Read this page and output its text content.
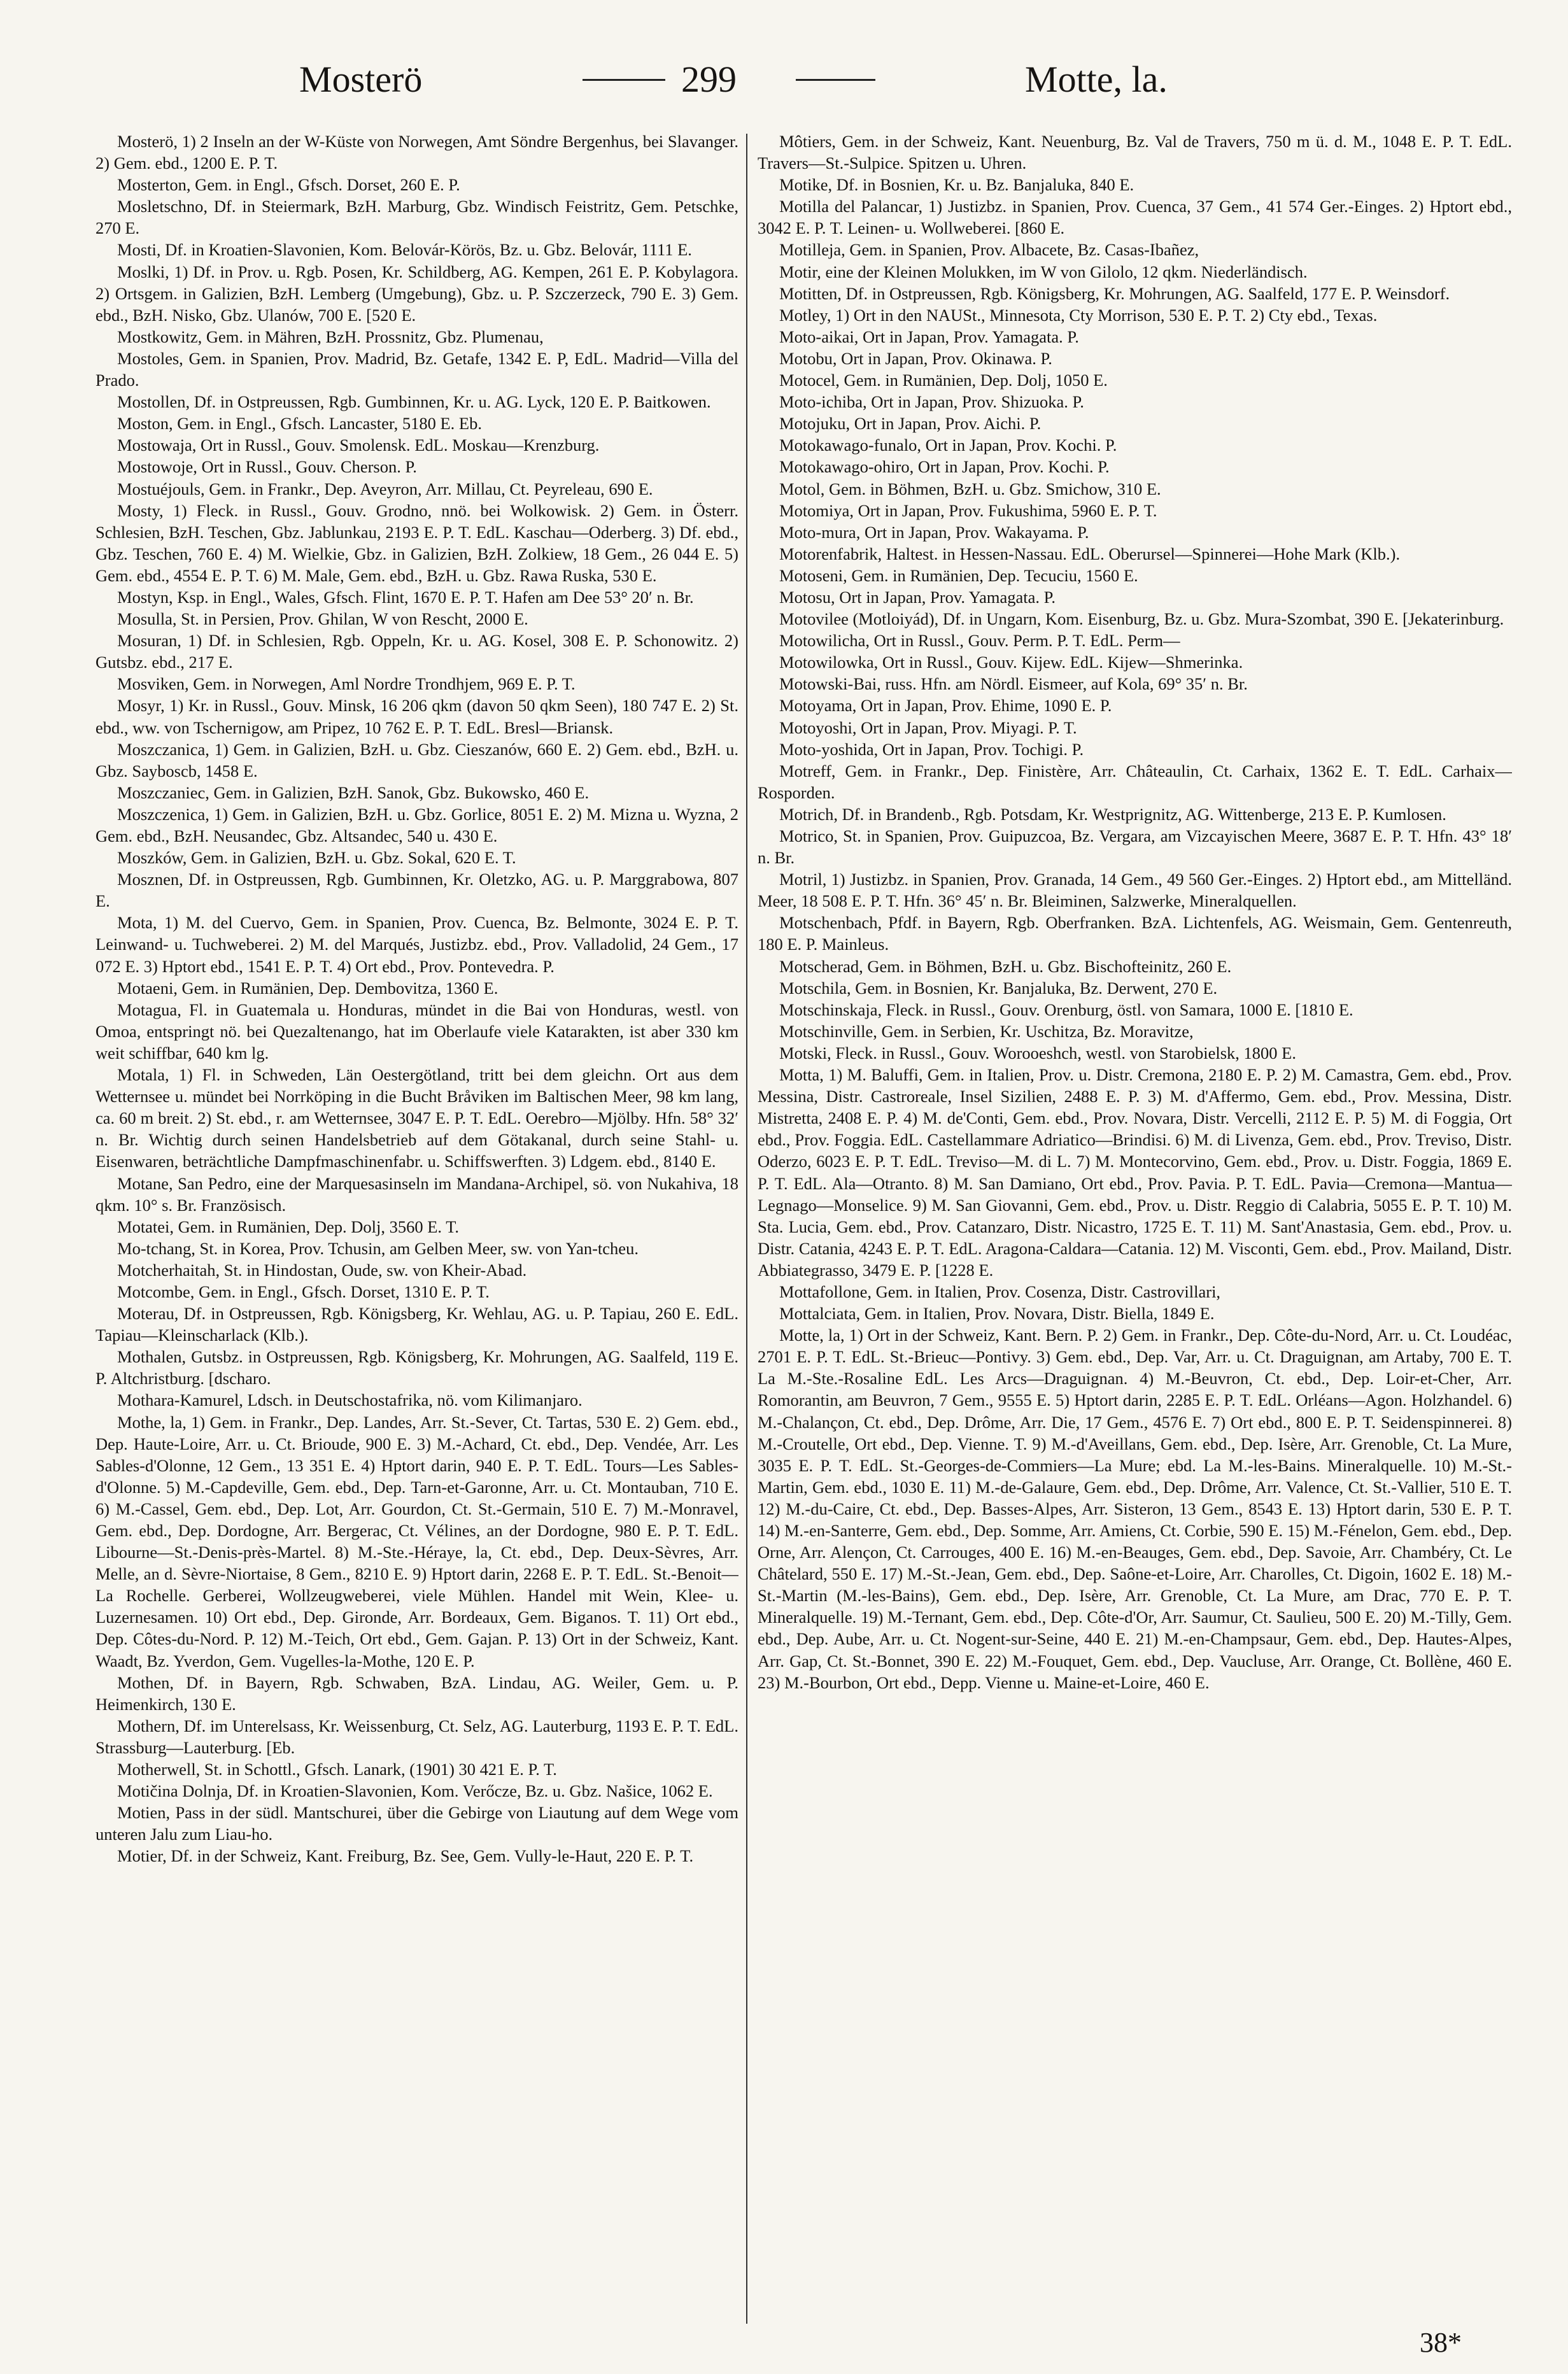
Mosterö	299	Motte, la.

Mosterö, 1) 2 Inseln an der W-Küste von Norwegen, Amt Söndre Bergenhus, bei Slavanger. 2) Gem. ebd., 1200 E. P. T.

Mosterton, Gem. in Engl., Gfsch. Dorset, 260 E. P.

Mosletschno, Df. in Steiermark, BzH. Marburg, Gbz. Windisch Feistritz, Gem. Petschke, 270 E.

Mosti, Df. in Kroatien-Slavonien, Kom. Belovár-Körös, Bz. u. Gbz. Belovár, 1111 E.

Moslki, 1) Df. in Prov. u. Rgb. Posen, Kr. Schildberg, AG. Kempen, 261 E. P. Kobylagora. 2) Ortsgem. in Galizien, BzH. Lemberg (Umgebung), Gbz. u. P. Szczerzeck, 790 E. 3) Gem. ebd., BzH. Nisko, Gbz. Ulanów, 700 E. [520 E.

Mostkowitz, Gem. in Mähren, BzH. Prossnitz, Gbz. Plumenau,

Mostoles, Gem. in Spanien, Prov. Madrid, Bz. Getafe, 1342 E. P, EdL. Madrid—Villa del Prado.

Mostollen, Df. in Ostpreussen, Rgb. Gumbinnen, Kr. u. AG. Lyck, 120 E. P. Baitkowen.

Moston, Gem. in Engl., Gfsch. Lancaster, 5180 E. Eb.

Mostowaja, Ort in Russl., Gouv. Smolensk. EdL. Moskau—Krenzburg.

Mostowoje, Ort in Russl., Gouv. Cherson. P.

Mostuéjouls, Gem. in Frankr., Dep. Aveyron, Arr. Millau, Ct. Peyreleau, 690 E.

Mosty, 1) Fleck. in Russl., Gouv. Grodno, nnö. bei Wolkowisk. 2) Gem. in Österr. Schlesien, BzH. Teschen, Gbz. Jablunkau, 2193 E. P. T. EdL. Kaschau—Oderberg. 3) Df. ebd., Gbz. Teschen, 760 E. 4) M. Wielkie, Gbz. in Galizien, BzH. Zolkiew, 18 Gem., 26 044 E. 5) Gem. ebd., 4554 E. P. T. 6) M. Male, Gem. ebd., BzH. u. Gbz. Rawa Ruska, 530 E.

Mostyn, Ksp. in Engl., Wales, Gfsch. Flint, 1670 E. P. T. Hafen am Dee 53° 20′ n. Br.

Mosulla, St. in Persien, Prov. Ghilan, W von Rescht, 2000 E.

Mosuran, 1) Df. in Schlesien, Rgb. Oppeln, Kr. u. AG. Kosel, 308 E. P. Schonowitz. 2) Gutsbz. ebd., 217 E.

Mosviken, Gem. in Norwegen, Aml Nordre Trondhjem, 969 E. P. T.

Mosyr, 1) Kr. in Russl., Gouv. Minsk, 16 206 qkm (davon 50 qkm Seen), 180 747 E. 2) St. ebd., ww. von Tschernigow, am Pripez, 10 762 E. P. T. EdL. Bresl—Briansk.

Moszczanica, 1) Gem. in Galizien, BzH. u. Gbz. Cieszanów, 660 E. 2) Gem. ebd., BzH. u. Gbz. Sayboscb, 1458 E.

Moszczaniec, Gem. in Galizien, BzH. Sanok, Gbz. Bukowsko, 460 E.

Moszczenica, 1) Gem. in Galizien, BzH. u. Gbz. Gorlice, 8051 E. 2) M. Mizna u. Wyzna, 2 Gem. ebd., BzH. Neusandec, Gbz. Altsandec, 540 u. 430 E.

Moszków, Gem. in Galizien, BzH. u. Gbz. Sokal, 620 E. T.

Mosznen, Df. in Ostpreussen, Rgb. Gumbinnen, Kr. Oletzko, AG. u. P. Marggrabowa, 807 E.

Mota, 1) M. del Cuervo, Gem. in Spanien, Prov. Cuenca, Bz. Belmonte, 3024 E. P. T. Leinwand- u. Tuchweberei. 2) M. del Marqués, Justizbz. ebd., Prov. Valladolid, 24 Gem., 17 072 E. 3) Hptort ebd., 1541 E. P. T. 4) Ort ebd., Prov. Pontevedra. P.

Motaeni, Gem. in Rumänien, Dep. Dembovitza, 1360 E.

Motagua, Fl. in Guatemala u. Honduras, mündet in die Bai von Honduras, westl. von Omoa, entspringt nö. bei Quezaltenango, hat im Oberlaufe viele Katarakten, ist aber 330 km weit schiffbar, 640 km lg.

Motala, 1) Fl. in Schweden, Län Oestergötland, tritt bei dem gleichn. Ort aus dem Wetternsee u. mündet bei Norrköping in die Bucht Bråviken im Baltischen Meer, 98 km lang, ca. 60 m breit. 2) St. ebd., r. am Wetternsee, 3047 E. P. T. EdL. Oerebro—Mjölby. Hfn. 58° 32′ n. Br. Wichtig durch seinen Handelsbetrieb auf dem Götakanal, durch seine Stahl- u. Eisenwaren, beträchtliche Dampfmaschinenfabr. u. Schiffswerften. 3) Ldgem. ebd., 8140 E.

Motane, San Pedro, eine der Marquesasinseln im Mandana-Archipel, sö. von Nukahiva, 18 qkm. 10° s. Br. Französisch.

Motatei, Gem. in Rumänien, Dep. Dolj, 3560 E. T.

Mo-tchang, St. in Korea, Prov. Tchusin, am Gelben Meer, sw. von Yan-tcheu.

Motcherhaitah, St. in Hindostan, Oude, sw. von Kheir-Abad.

Motcombe, Gem. in Engl., Gfsch. Dorset, 1310 E. P. T.

Moterau, Df. in Ostpreussen, Rgb. Königsberg, Kr. Wehlau, AG. u. P. Tapiau, 260 E. EdL. Tapiau—Kleinscharlack (Klb.).

Mothalen, Gutsbz. in Ostpreussen, Rgb. Königsberg, Kr. Mohrungen, AG. Saalfeld, 119 E. P. Altchristburg. [dscharo.

Mothara-Kamurel, Ldsch. in Deutschostafrika, nö. vom Kilimanjaro.

Mothe, la, 1) Gem. in Frankr., Dep. Landes, Arr. St.-Sever, Ct. Tartas, 530 E. 2) Gem. ebd., Dep. Haute-Loire, Arr. u. Ct. Brioude, 900 E. 3) M.-Achard, Ct. ebd., Dep. Vendée, Arr. Les Sables-d'Olonne, 12 Gem., 13 351 E. 4) Hptort darin, 940 E. P. T. EdL. Tours—Les Sables-d'Olonne. 5) M.-Capdeville, Gem. ebd., Dep. Tarn-et-Garonne, Arr. u. Ct. Montauban, 710 E. 6) M.-Cassel, Gem. ebd., Dep. Lot, Arr. Gourdon, Ct. St.-Germain, 510 E. 7) M.-Monravel, Gem. ebd., Dep. Dordogne, Arr. Bergerac, Ct. Vélines, an der Dordogne, 980 E. P. T. EdL. Libourne—St.-Denis-près-Martel. 8) M.-Ste.-Héraye, la, Ct. ebd., Dep. Deux-Sèvres, Arr. Melle, an d. Sèvre-Niortaise, 8 Gem., 8210 E. 9) Hptort darin, 2268 E. P. T. EdL. St.-Benoit—La Rochelle. Gerberei, Wollzeugweberei, viele Mühlen. Handel mit Wein, Klee- u. Luzernesamen. 10) Ort ebd., Dep. Gironde, Arr. Bordeaux, Gem. Biganos. T. 11) Ort ebd., Dep. Côtes-du-Nord. P. 12) M.-Teich, Ort ebd., Gem. Gajan. P. 13) Ort in der Schweiz, Kant. Waadt, Bz. Yverdon, Gem. Vugelles-la-Mothe, 120 E. P.

Mothen, Df. in Bayern, Rgb. Schwaben, BzA. Lindau, AG. Weiler, Gem. u. P. Heimenkirch, 130 E.

Mothern, Df. im Unterelsass, Kr. Weissenburg, Ct. Selz, AG. Lauterburg, 1193 E. P. T. EdL. Strassburg—Lauterburg. [Eb.

Motherwell, St. in Schottl., Gfsch. Lanark, (1901) 30 421 E. P. T.

Motičina Dolnja, Df. in Kroatien-Slavonien, Kom. Verőcze, Bz. u. Gbz. Našice, 1062 E.

Motien, Pass in der südl. Mantschurei, über die Gebirge von Liautung auf dem Wege vom unteren Jalu zum Liau-ho.

Motier, Df. in der Schweiz, Kant. Freiburg, Bz. See, Gem. Vully-le-Haut, 220 E. P. T.

Môtiers, Gem. in der Schweiz, Kant. Neuenburg, Bz. Val de Travers, 750 m ü. d. M., 1048 E. P. T. EdL. Travers—St.-Sulpice. Spitzen u. Uhren.

Motike, Df. in Bosnien, Kr. u. Bz. Banjaluka, 840 E.

Motilla del Palancar, 1) Justizbz. in Spanien, Prov. Cuenca, 37 Gem., 41 574 Ger.-Einges. 2) Hptort ebd., 3042 E. P. T. Leinen- u. Wollweberei. [860 E.

Motilleja, Gem. in Spanien, Prov. Albacete, Bz. Casas-Ibañez,

Motir, eine der Kleinen Molukken, im W von Gilolo, 12 qkm. Niederländisch.

Motitten, Df. in Ostpreussen, Rgb. Königsberg, Kr. Mohrungen, AG. Saalfeld, 177 E. P. Weinsdorf.

Motley, 1) Ort in den NAUSt., Minnesota, Cty Morrison, 530 E. P. T. 2) Cty ebd., Texas.

Moto-aikai, Ort in Japan, Prov. Yamagata. P.

Motobu, Ort in Japan, Prov. Okinawa. P.

Motocel, Gem. in Rumänien, Dep. Dolj, 1050 E.

Moto-ichiba, Ort in Japan, Prov. Shizuoka. P.

Motojuku, Ort in Japan, Prov. Aichi. P.

Motokawago-funalo, Ort in Japan, Prov. Kochi. P.

Motokawago-ohiro, Ort in Japan, Prov. Kochi. P.

Motol, Gem. in Böhmen, BzH. u. Gbz. Smichow, 310 E.

Motomiya, Ort in Japan, Prov. Fukushima, 5960 E. P. T.

Moto-mura, Ort in Japan, Prov. Wakayama. P.

Motorenfabrik, Haltest. in Hessen-Nassau. EdL. Oberursel—Spinnerei—Hohe Mark (Klb.).

Motoseni, Gem. in Rumänien, Dep. Tecuciu, 1560 E.

Motosu, Ort in Japan, Prov. Yamagata. P.

Motovilee (Motloiyád), Df. in Ungarn, Kom. Eisenburg, Bz. u. Gbz. Mura-Szombat, 390 E. [Jekaterinburg.

Motowilicha, Ort in Russl., Gouv. Perm. P. T. EdL. Perm—

Motowilowka, Ort in Russl., Gouv. Kijew. EdL. Kijew—Shmerinka.

Motowski-Bai, russ. Hfn. am Nördl. Eismeer, auf Kola, 69° 35′ n. Br.

Motoyama, Ort in Japan, Prov. Ehime, 1090 E. P.

Motoyoshi, Ort in Japan, Prov. Miyagi. P. T.

Moto-yoshida, Ort in Japan, Prov. Tochigi. P.

Motreff, Gem. in Frankr., Dep. Finistère, Arr. Châteaulin, Ct. Carhaix, 1362 E. T. EdL. Carhaix—Rosporden.

Motrich, Df. in Brandenb., Rgb. Potsdam, Kr. Westprignitz, AG. Wittenberge, 213 E. P. Kumlosen.

Motrico, St. in Spanien, Prov. Guipuzcoa, Bz. Vergara, am Vizcayischen Meere, 3687 E. P. T. Hfn. 43° 18′ n. Br.

Motril, 1) Justizbz. in Spanien, Prov. Granada, 14 Gem., 49 560 Ger.-Einges. 2) Hptort ebd., am Mittelländ. Meer, 18 508 E. P. T. Hfn. 36° 45′ n. Br. Bleiminen, Salzwerke, Mineralquellen.

Motschenbach, Pfdf. in Bayern, Rgb. Oberfranken. BzA. Lichtenfels, AG. Weismain, Gem. Gentenreuth, 180 E. P. Mainleus.

Motscherad, Gem. in Böhmen, BzH. u. Gbz. Bischofteinitz, 260 E.

Motschila, Gem. in Bosnien, Kr. Banjaluka, Bz. Derwent, 270 E.

Motschinskaja, Fleck. in Russl., Gouv. Orenburg, östl. von Samara, 1000 E. [1810 E.

Motschinville, Gem. in Serbien, Kr. Uschitza, Bz. Moravitze,

Motski, Fleck. in Russl., Gouv. Worooeshch, westl. von Starobielsk, 1800 E.

Motta, 1) M. Baluffi, Gem. in Italien, Prov. u. Distr. Cremona, 2180 E. P. 2) M. Camastra, Gem. ebd., Prov. Messina, Distr. Castroreale, Insel Sizilien, 2488 E. P. 3) M. d'Affermo, Gem. ebd., Prov. Messina, Distr. Mistretta, 2408 E. P. 4) M. de'Conti, Gem. ebd., Prov. Novara, Distr. Vercelli, 2112 E. P. 5) M. di Foggia, Ort ebd., Prov. Foggia. EdL. Castellammare Adriatico—Brindisi. 6) M. di Livenza, Gem. ebd., Prov. Treviso, Distr. Oderzo, 6023 E. P. T. EdL. Treviso—M. di L. 7) M. Montecorvino, Gem. ebd., Prov. u. Distr. Foggia, 1869 E. P. T. EdL. Ala—Otranto. 8) M. San Damiano, Ort ebd., Prov. Pavia. P. T. EdL. Pavia—Cremona—Mantua—Legnago—Monselice. 9) M. San Giovanni, Gem. ebd., Prov. u. Distr. Reggio di Calabria, 5055 E. P. T. 10) M. Sta. Lucia, Gem. ebd., Prov. Catanzaro, Distr. Nicastro, 1725 E. T. 11) M. Sant'Anastasia, Gem. ebd., Prov. u. Distr. Catania, 4243 E. P. T. EdL. Aragona-Caldara—Catania. 12) M. Visconti, Gem. ebd., Prov. Mailand, Distr. Abbiategrasso, 3479 E. P. [1228 E.

Mottafollone, Gem. in Italien, Prov. Cosenza, Distr. Castrovillari,

Mottalciata, Gem. in Italien, Prov. Novara, Distr. Biella, 1849 E.

Motte, la, 1) Ort in der Schweiz, Kant. Bern. P. 2) Gem. in Frankr., Dep. Côte-du-Nord, Arr. u. Ct. Loudéac, 2701 E. P. T. EdL. St.-Brieuc—Pontivy. 3) Gem. ebd., Dep. Var, Arr. u. Ct. Draguignan, am Artaby, 700 E. T. La M.-Ste.-Rosaline EdL. Les Arcs—Draguignan. 4) M.-Beuvron, Ct. ebd., Dep. Loir-et-Cher, Arr. Romorantin, am Beuvron, 7 Gem., 9555 E. 5) Hptort darin, 2285 E. P. T. EdL. Orléans—Agon. Holzhandel. 6) M.-Chalançon, Ct. ebd., Dep. Drôme, Arr. Die, 17 Gem., 4576 E. 7) Ort ebd., 800 E. P. T. Seidenspinnerei. 8) M.-Croutelle, Ort ebd., Dep. Vienne. T. 9) M.-d'Aveillans, Gem. ebd., Dep. Isère, Arr. Grenoble, Ct. La Mure, 3035 E. P. T. EdL. St.-Georges-de-Commiers—La Mure; ebd. La M.-les-Bains. Mineralquelle. 10) M.-St.-Martin, Gem. ebd., 1030 E. 11) M.-de-Galaure, Gem. ebd., Dep. Drôme, Arr. Valence, Ct. St.-Vallier, 510 E. T. 12) M.-du-Caire, Ct. ebd., Dep. Basses-Alpes, Arr. Sisteron, 13 Gem., 8543 E. 13) Hptort darin, 530 E. P. T. 14) M.-en-Santerre, Gem. ebd., Dep. Somme, Arr. Amiens, Ct. Corbie, 590 E. 15) M.-Fénelon, Gem. ebd., Dep. Orne, Arr. Alençon, Ct. Carrouges, 400 E. 16) M.-en-Beauges, Gem. ebd., Dep. Savoie, Arr. Chambéry, Ct. Le Châtelard, 550 E. 17) M.-St.-Jean, Gem. ebd., Dep. Saône-et-Loire, Arr. Charolles, Ct. Digoin, 1602 E. 18) M.-St.-Martin (M.-les-Bains), Gem. ebd., Dep. Isère, Arr. Grenoble, Ct. La Mure, am Drac, 770 E. P. T. Mineralquelle. 19) M.-Ternant, Gem. ebd., Dep. Côte-d'Or, Arr. Saumur, Ct. Saulieu, 500 E. 20) M.-Tilly, Gem. ebd., Dep. Aube, Arr. u. Ct. Nogent-sur-Seine, 440 E. 21) M.-en-Champsaur, Gem. ebd., Dep. Hautes-Alpes, Arr. Gap, Ct. St.-Bonnet, 390 E. 22) M.-Fouquet, Gem. ebd., Dep. Vaucluse, Arr. Orange, Ct. Bollène, 460 E. 23) M.-Bourbon, Ort ebd., Depp. Vienne u. Maine-et-Loire, 460 E.

38*
